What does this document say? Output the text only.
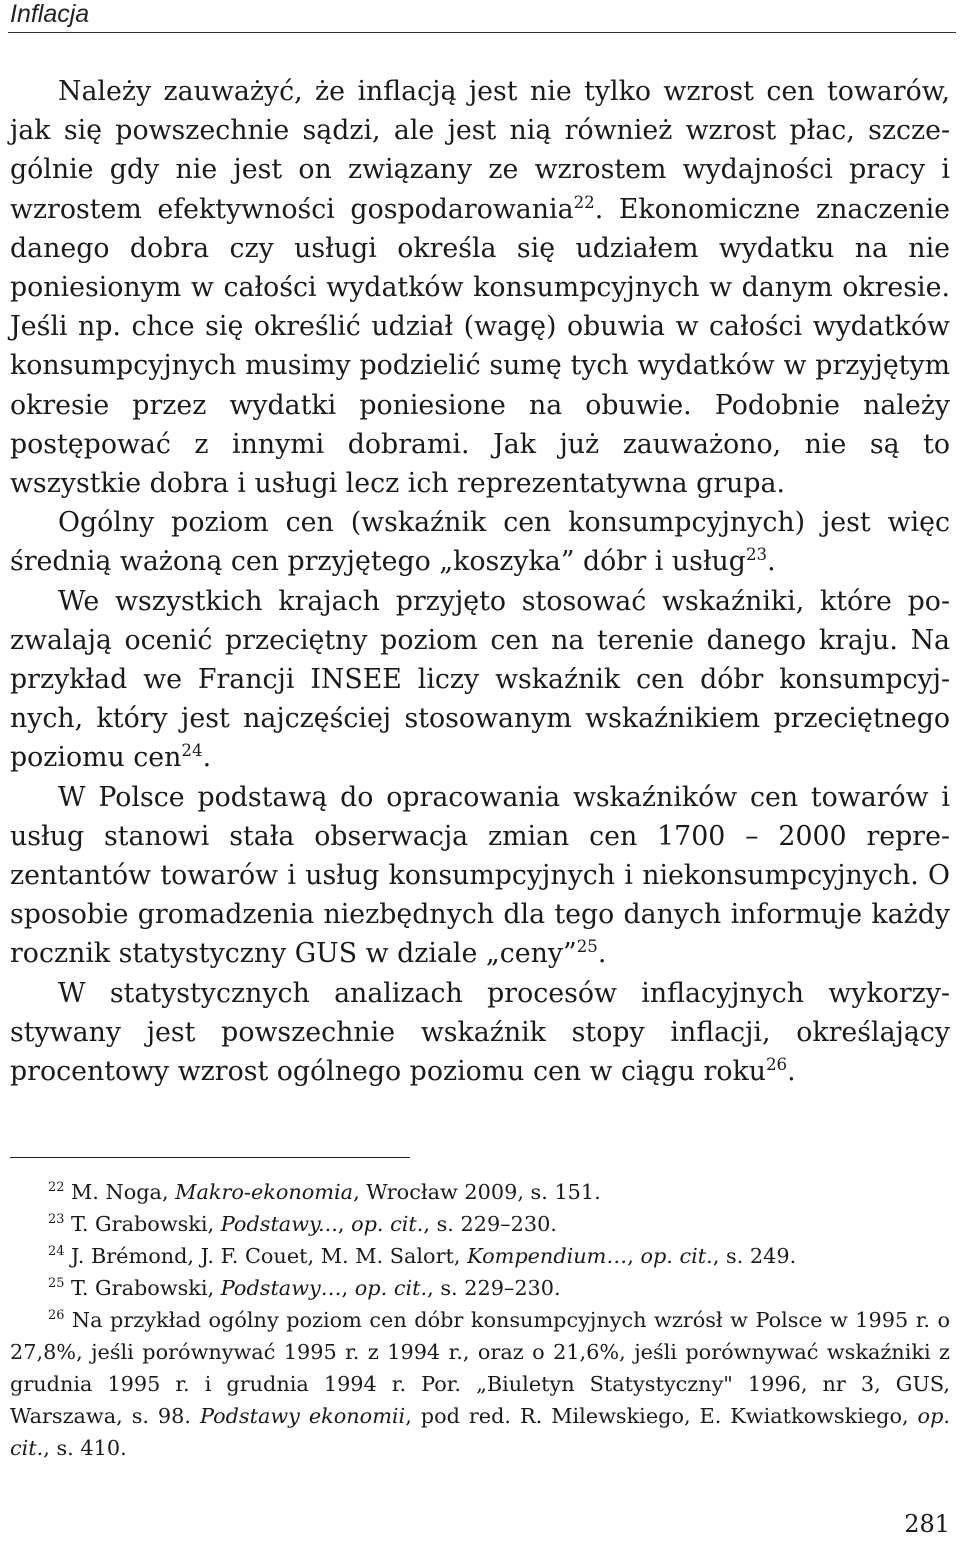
Inflacja

Należy zauważyć, że inflacją jest nie tylko wzrost cen towarów, jak się powszechnie sądzi, ale jest nią również wzrost płac, szczególnie gdy nie jest on związany ze wzrostem wydajności pracy i wzrostem efektywności gospodarowania$^{22}$. Ekonomiczne znaczenie danego dobra czy usługi określa się udziałem wydatku na nie poniesionym w całości wydatków konsumpcyjnych w danym okresie. Jeśli np. chce się określić udział (wagę) obuwia w całości wydatków konsumpcyjnych musimy podzielić sumę tych wydatków w przyjętym okresie przez wydatki poniesione na obuwie. Podobnie należy postępować z innymi dobrami. Jak już zauważono, nie są to wszystkie dobra i usługi lecz ich reprezentatywna grupa.

Ogólny poziom cen (wskaźnik cen konsumpcyjnych) jest więc średnią ważoną cen przyjętego „koszyka” dóbr i usług$^{23}$.

We wszystkich krajach przyjęto stosować wskaźniki, które pozwalają ocenić przeciętny poziom cen na terenie danego kraju. Na przykład we Francji INSEE liczy wskaźnik cen dóbr konsumpcyjnych, który jest najczęściej stosowanym wskaźnikiem przeciętnego poziomu cen$^{24}$.

W Polsce podstawą do opracowania wskaźników cen towarów i usług stanowi stała obserwacja zmian cen 1700 – 2000 reprezentantów towarów i usług konsumpcyjnych i niekonsumpcyjnych. O sposobie gromadzenia niezbędnych dla tego danych informuje każdy rocznik statystyczny GUS w dziale „ceny”$^{25}$.

W statystycznych analizach procesów inflacyjnych wykorzystywany jest powszechnie wskaźnik stopy inflacji, określający procentowy wzrost ogólnego poziomu cen w ciągu roku$^{26}$.

$^{22}$ M. Noga, Makro-ekonomia, Wrocław 2009, s. 151.

$^{23}$ T. Grabowski, Podstawy..., op. cit., s. 229–230.

$^{24}$ J. Brémond, J. F. Couet, M. M. Salort, Kompendium…, op. cit., s. 249.

$^{25}$ T. Grabowski, Podstawy…, op. cit., s. 229–230.

$^{26}$ Na przykład ogólny poziom cen dóbr konsumpcyjnych wzrósł w Polsce w 1995 r. o 27,8%, jeśli porównywać 1995 r. z 1994 r., oraz o 21,6%, jeśli porównywać wskaźniki z grudnia 1995 r. i grudnia 1994 r. Por. „Biuletyn Statystyczny" 1996, nr 3, GUS, Warszawa, s. 98. Podstawy ekonomii, pod red. R. Milewskiego, E. Kwiatkowskiego, op. cit., s. 410.

281
